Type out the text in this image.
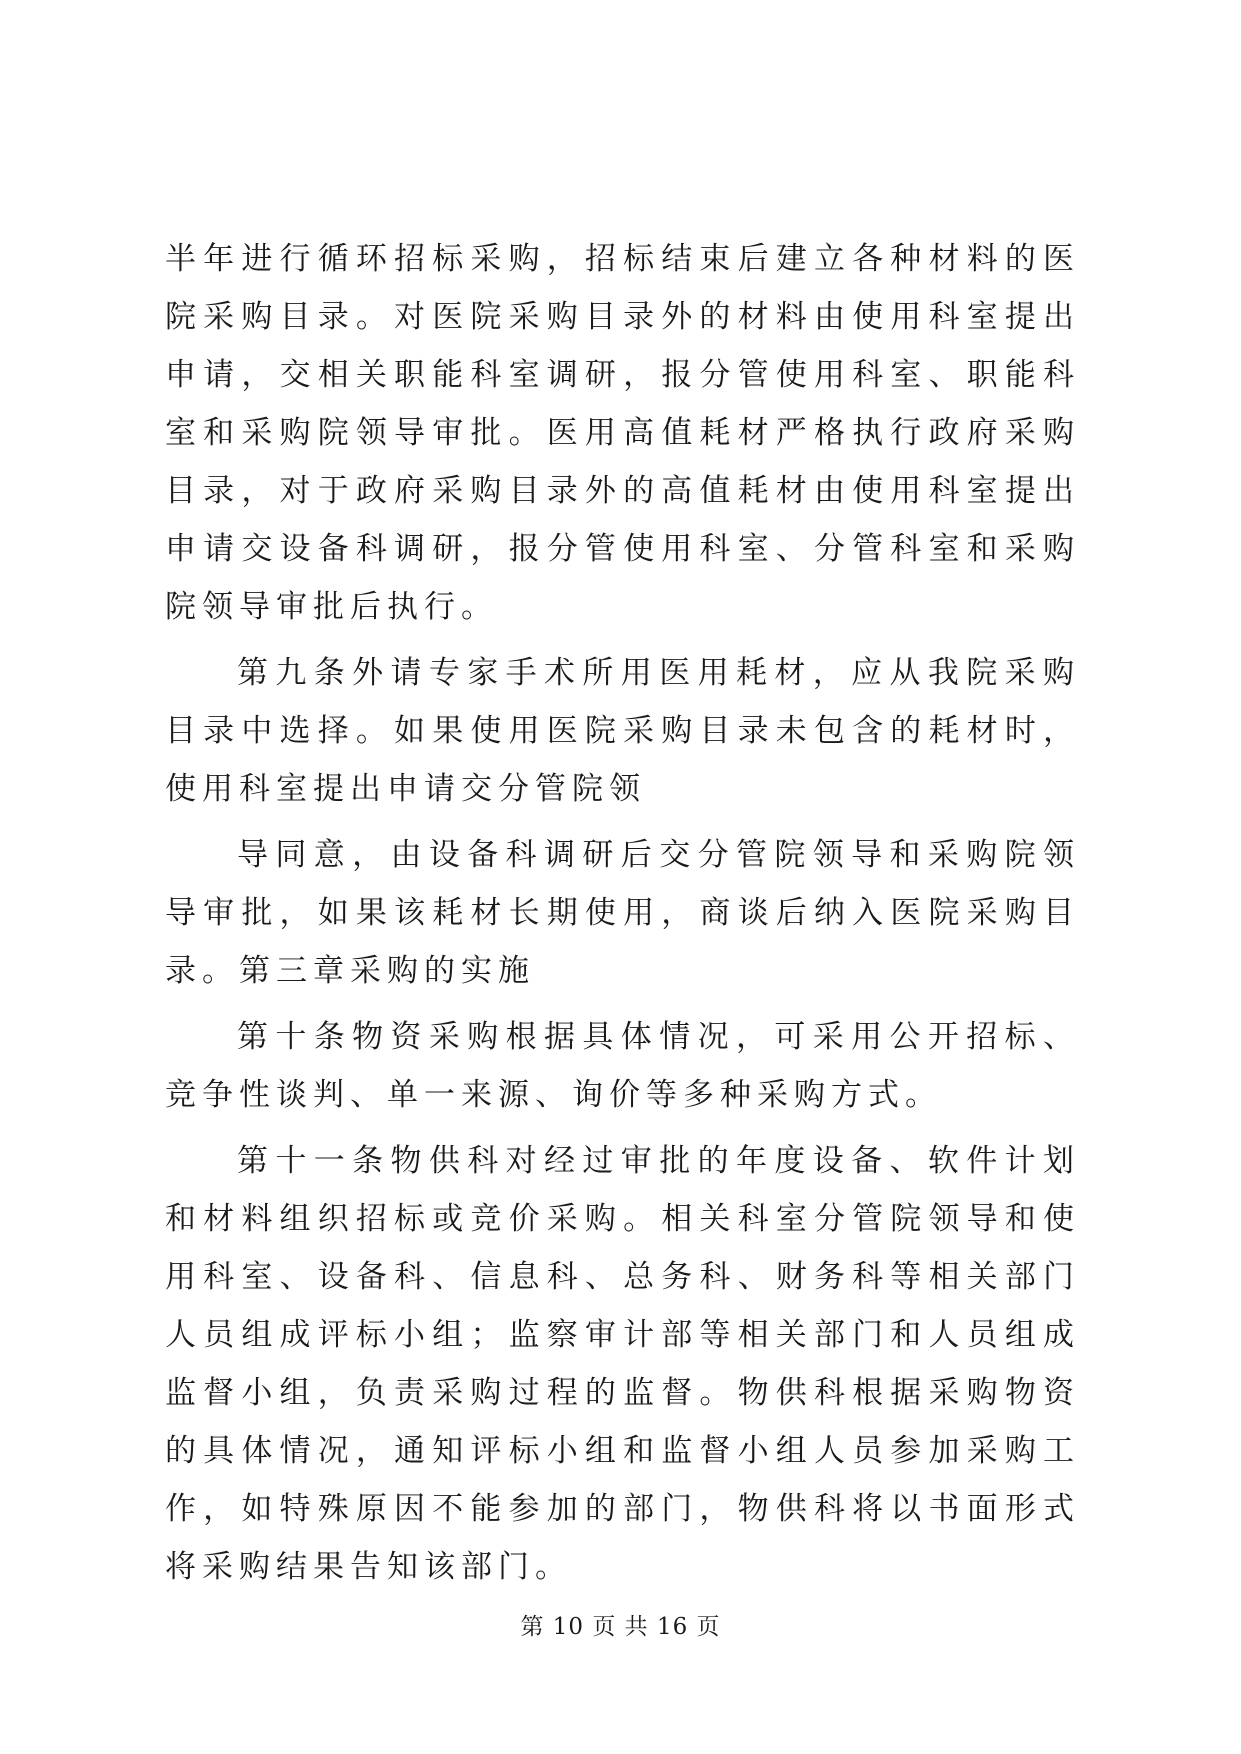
半年进行循环招标采购，招标结束后建立各种材料的医院采购目录。对医院采购目录外的材料由使用科室提出申请，交相关职能科室调研，报分管使用科室、职能科室和采购院领导审批。医用高值耗材严格执行政府采购目录，对于政府采购目录外的高值耗材由使用科室提出申请交设备科调研，报分管使用科室、分管科室和采购院领导审批后执行。

第九条外请专家手术所用医用耗材，应从我院采购目录中选择。如果使用医院采购目录未包含的耗材时，使用科室提出申请交分管院领

导同意，由设备科调研后交分管院领导和采购院领导审批，如果该耗材长期使用，商谈后纳入医院采购目录。第三章采购的实施

第十条物资采购根据具体情况，可采用公开招标、竞争性谈判、单一来源、询价等多种采购方式。

第十一条物供科对经过审批的年度设备、软件计划和材料组织招标或竞价采购。相关科室分管院领导和使用科室、设备科、信息科、总务科、财务科等相关部门人员组成评标小组；监察审计部等相关部门和人员组成监督小组，负责采购过程的监督。物供科根据采购物资的具体情况，通知评标小组和监督小组人员参加采购工作，如特殊原因不能参加的部门，物供科将以书面形式将采购结果告知该部门。

第 10 页 共 16 页
